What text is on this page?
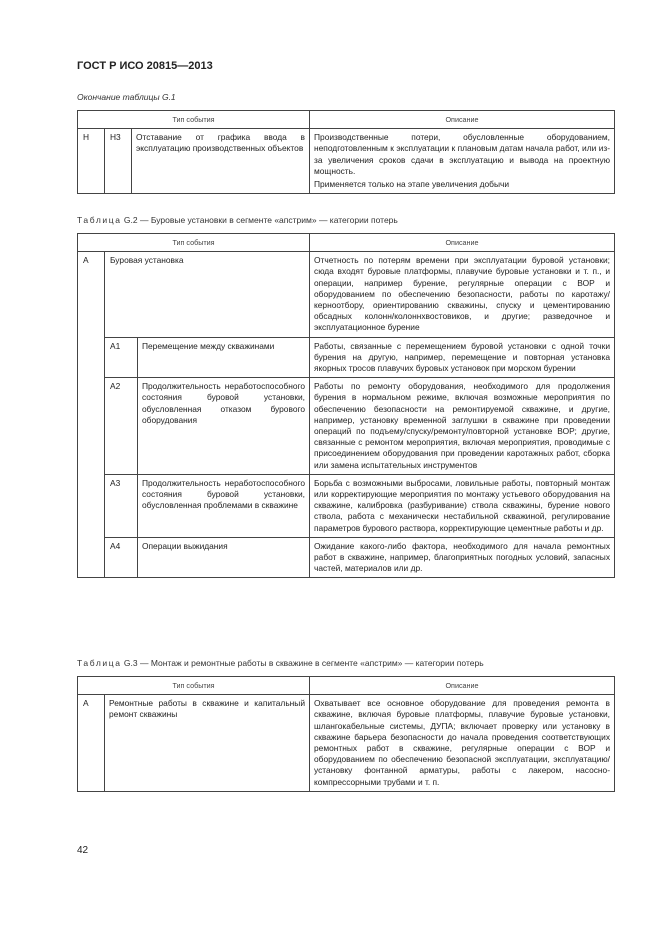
ГОСТ Р ИСО 20815—2013
Окончание таблицы G.1
Тип события			Описание
Н	Н3	Отставание от графика ввода в эксплуатацию производственных объектов	Производственные потери, обусловленные оборудованием, неподготовленным к эксплуатации к плановым датам начала работ, или из-за увеличения сроков сдачи в эксплуатацию и вывода на проектную мощность.

Применяется только на этапе увеличения добычи

Таблица G.2 — Буровые установки в сегменте «апстрим» — категории потерь
Тип события			Описание
А	Буровая установка		Отчетность по потерям времени при эксплуатации буровой установки; сюда входят буровые платформы, плавучие буровые установки и т. п., и операции, например бурение, регулярные операции с ВОР и оборудованием по обеспечению безопасности, работы по каротажу/керноотбору, ориентированию скважины, спуску и цементированию обсадных колонн/колоннхвостовиков, и другие; разведочное и эксплуатационное бурение
	А1	Перемещение между скважинами	Работы, связанные с перемещением буровой установки с одной точки бурения на другую, например, перемещение и повторная установка якорных тросов плавучих буровых установок при морском бурении
	А2	Продолжительность неработоспособного состояния буровой установки, обусловленная отказом бурового оборудования	Работы по ремонту оборудования, необходимого для продолжения бурения в нормальном режиме, включая возможные мероприятия по обеспечению безопасности на ремонтируемой скважине, и другие, например, установку временной заглушки в скважине при проведении операций по подъему/спуску/ремонту/повторной установке ВОР; другие, связанные с ремонтом мероприятия, включая мероприятия, проводимые с присоединением оборудования при проведении каротажных работ, сборка или замена испытательных инструментов
	А3	Продолжительность неработоспособного состояния буровой установки, обусловленная проблемами в скважине	Борьба с возможными выбросами, ловильные работы, повторный монтаж или корректирующие мероприятия по монтажу устьевого оборудования на скважине, калибровка (разбуривание) ствола скважины, бурение нового ствола, работа с механически нестабильной скважиной, регулирование параметров бурового раствора, корректирующие цементные работы и др.
	А4	Операции выжидания	Ожидание какого-либо фактора, необходимого для начала ремонтных работ в скважине, например, благоприятных погодных условий, запасных частей, материалов или др.
Таблица G.3 — Монтаж и ремонтные работы в скважине в сегменте «апстрим» — категории потерь
Тип события		Описание
А	Ремонтные работы в скважине и капитальный ремонт скважины	Охватывает все основное оборудование для проведения ремонта в скважине, включая буровые платформы, плавучие буровые установки, шлангокабельные системы, ДУПА; включает проверку или установку в скважине барьера безопасности до начала проведения соответствующих ремонтных работ в скважине, регулярные операции с ВОР и оборудованием по обеспечению безопасной эксплуатации, эксплуатацию/установку фонтанной арматуры, работы с лакером, насосно-компрессорными трубами и т. п.
42
